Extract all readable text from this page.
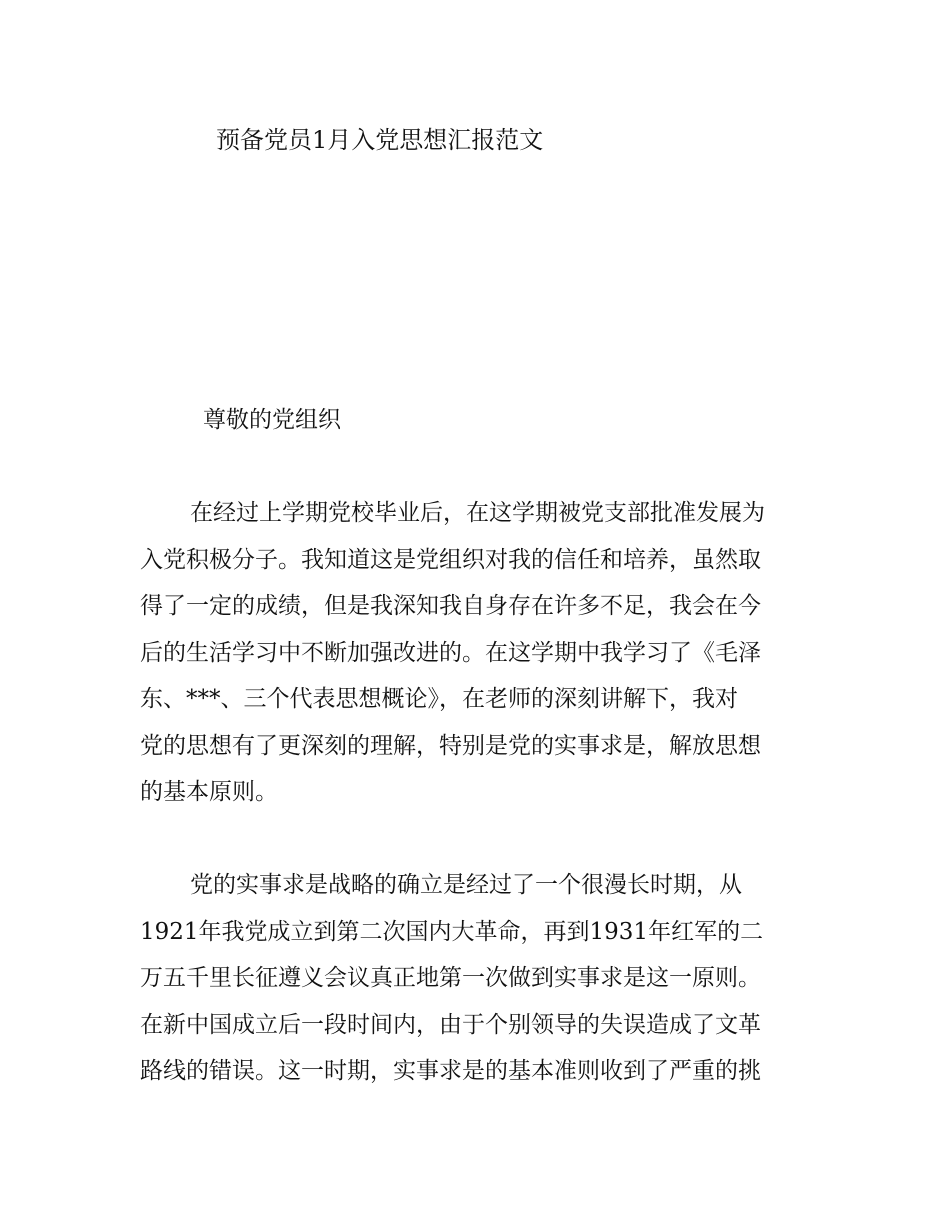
预备党员1月入党思想汇报范文
尊敬的党组织
在经过上学期党校毕业后，在这学期被党支部批准发展为
入党积极分子。我知道这是党组织对我的信任和培养，虽然取
得了一定的成绩，但是我深知我自身存在许多不足，我会在今
后的生活学习中不断加强改进的。在这学期中我学习了《毛泽
东、***、三个代表思想概论》，在老师的深刻讲解下，我对
党的思想有了更深刻的理解，特别是党的实事求是，解放思想
的基本原则。
党的实事求是战略的确立是经过了一个很漫长时期，从
1921年我党成立到第二次国内大革命，再到1931年红军的二
万五千里长征遵义会议真正地第一次做到实事求是这一原则。
在新中国成立后一段时间内，由于个别领导的失误造成了文革
路线的错误。这一时期，实事求是的基本准则收到了严重的挑
